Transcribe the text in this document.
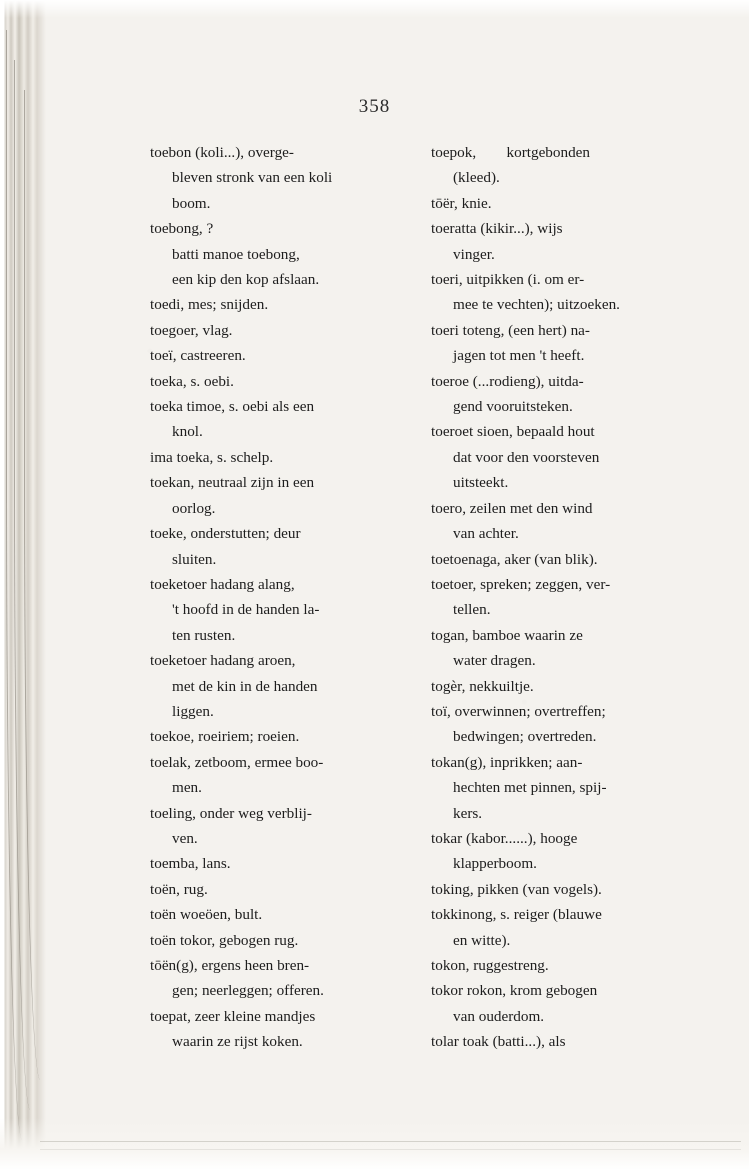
358

toebon (koli...), overge-
bleven stronk van een koli
boom.

toebong, ?
batti manoe toebong,
een kip den kop afslaan.

toedi, mes; snijden.

toegoer, vlag.

toeï, castreeren.

toeka, s. oebi.

toeka timoe, s. oebi als een
knol.

ima toeka, s. schelp.

toekan, neutraal zijn in een
oorlog.

toeke, onderstutten; deur
sluiten.

toeketoer hadang alang,
't hoofd in de handen la-
ten rusten.

toeketoer hadang aroen,
met de kin in de handen
liggen.

toekoe, roeiriem; roeien.

toelak, zetboom, ermee boo-
men.

toeling, onder weg verblij-
ven.

toemba, lans.

toën, rug.

toën woeöen, bult.

toën tokor, gebogen rug.

tōën(g), ergens heen bren-
gen; neerleggen; offeren.

toepat, zeer kleine mandjes
waarin ze rijst koken.

toepok,        kortgebonden
(kleed).

tōër, knie.

toeratta (kikir...), wijs
vinger.

toeri, uitpikken (i. om er-
mee te vechten); uitzoeken.

toeri toteng, (een hert) na-
jagen tot men 't heeft.

toeroe (...rodieng), uitda-
gend vooruitsteken.

toeroet sioen, bepaald hout
dat voor den voorsteven
uitsteekt.

toero, zeilen met den wind
van achter.

toetoenaga, aker (van blik).

toetoer, spreken; zeggen, ver-
tellen.

togan, bamboe waarin ze
water dragen.

togèr, nekkuiltje.

toï, overwinnen; overtreffen;
bedwingen; overtreden.

tokan(g), inprikken; aan-
hechten met pinnen, spij-
kers.

tokar (kabor......), hooge
klapperboom.

toking, pikken (van vogels).

tokkinong, s. reiger (blauwe
en witte).

tokon, ruggestreng.

tokor rokon, krom gebogen
van ouderdom.

tolar toak (batti...), als
